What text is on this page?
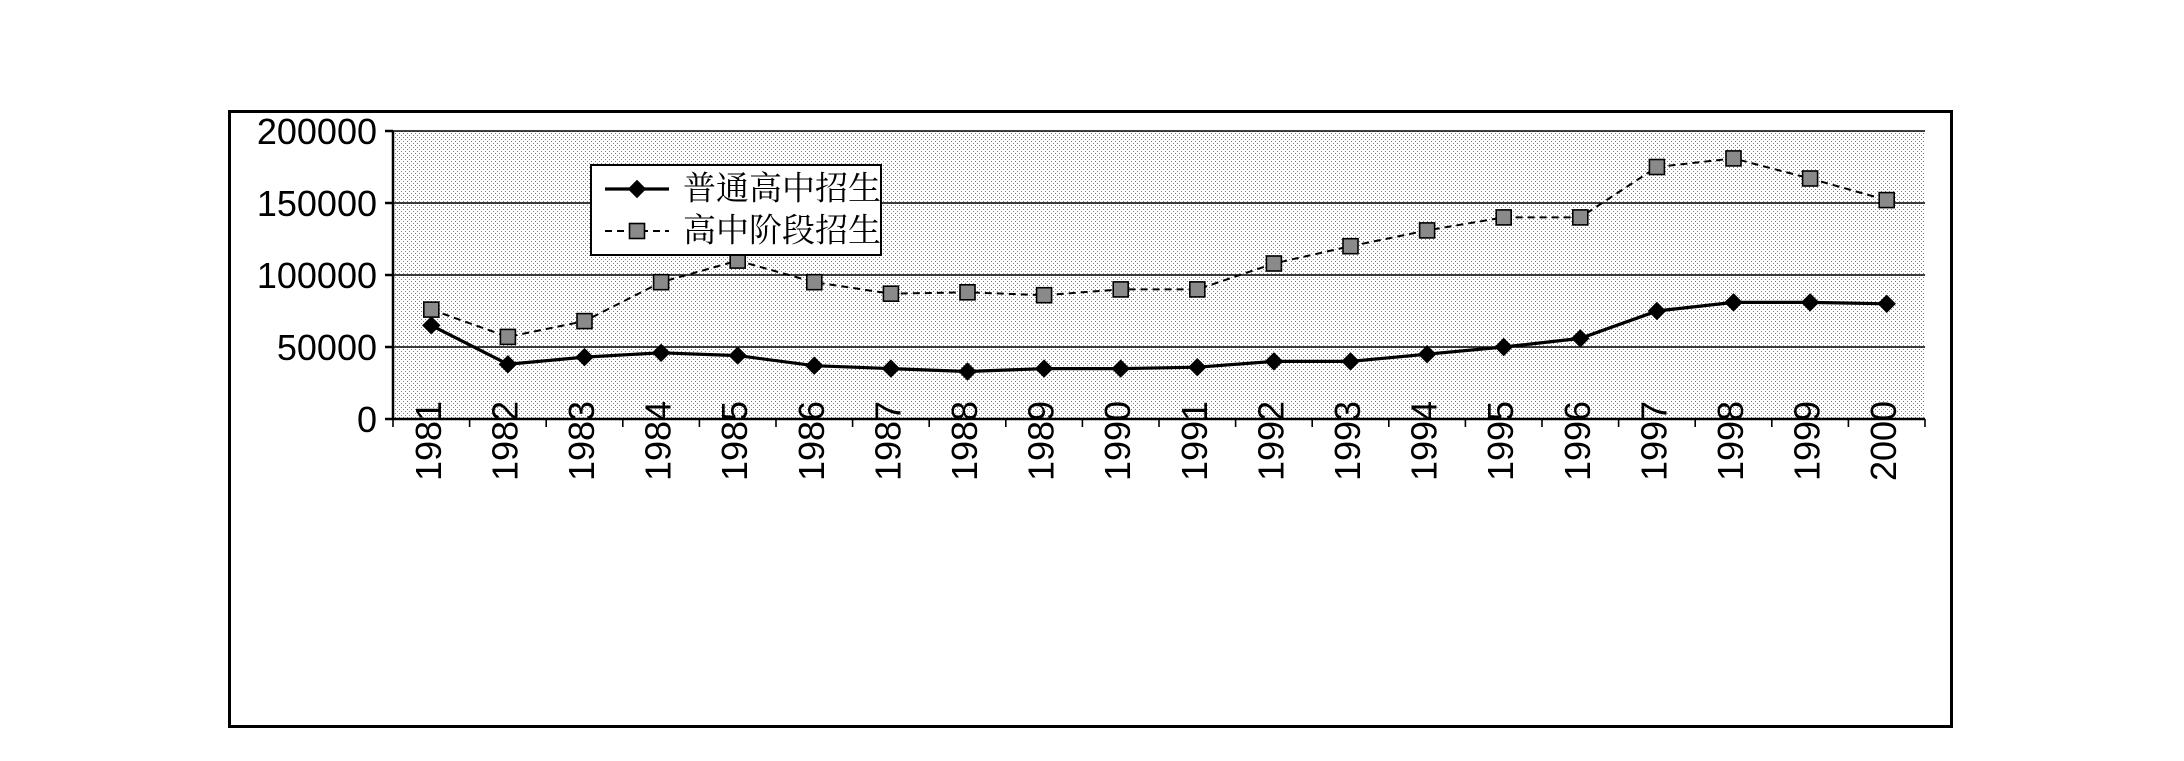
0
50000
100000
150000
200000
1981 1982 1983 1984 1985 1986 1987 1988 1989 1990 1991 1992 1993 1994 1995 1996 1997 1998 1999 2000
普通高中招生
高中阶段招生
